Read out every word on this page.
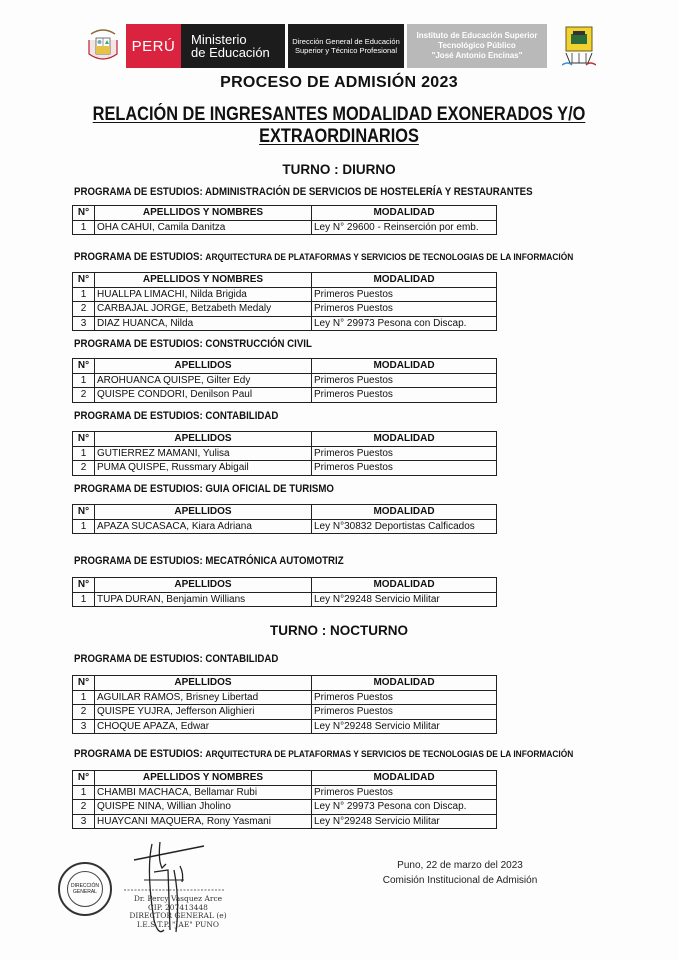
PERÚ	Ministerio
de Educación
Dirección General de Educación
Superior y Técnico Profesional
Instituto de Educación Superior
Tecnológico Público
"José Antonio Encinas"
PROCESO DE ADMISIÓN 2023
RELACIÓN DE INGRESANTES MODALIDAD EXONERADOS Y/O
EXTRAORDINARIOS
TURNO : DIURNO
PROGRAMA DE ESTUDIOS: ADMINISTRACIÓN DE SERVICIOS DE HOSTELERÍA Y RESTAURANTES
N°	APELLIDOS Y NOMBRES	MODALIDAD
1	OHA CAHUI, Camila Danitza	Ley N° 29600 - Reinserción por emb.
PROGRAMA DE ESTUDIOS: ARQUITECTURA DE PLATAFORMAS Y SERVICIOS DE TECNOLOGIAS DE LA INFORMACIÓN
N°	APELLIDOS Y NOMBRES	MODALIDAD
1	HUALLPA LIMACHI, Nilda Brigida	Primeros Puestos
2	CARBAJAL JORGE, Betzabeth Medaly	Primeros Puestos
3	DIAZ HUANCA, Nilda	Ley N° 29973 Pesona con Discap.
PROGRAMA DE ESTUDIOS: CONSTRUCCIÓN CIVIL
N°	APELLIDOS	MODALIDAD
1	AROHUANCA QUISPE, Gilter Edy	Primeros Puestos
2	QUISPE CONDORI, Denilson Paul	Primeros Puestos
PROGRAMA DE ESTUDIOS: CONTABILIDAD
N°	APELLIDOS	MODALIDAD
1	GUTIERREZ MAMANI, Yulisa	Primeros Puestos
2	PUMA QUISPE, Russmary Abigail	Primeros Puestos
PROGRAMA DE ESTUDIOS: GUIA OFICIAL DE TURISMO
N°	APELLIDOS	MODALIDAD
1	APAZA SUCASACA, Kiara Adriana	Ley N°30832 Deportistas Calficados
PROGRAMA DE ESTUDIOS: MECATRÓNICA AUTOMOTRIZ
N°	APELLIDOS	MODALIDAD
1	TUPA DURAN, Benjamin Willians	Ley N°29248 Servicio Militar
TURNO : NOCTURNO
PROGRAMA DE ESTUDIOS: CONTABILIDAD
N°	APELLIDOS	MODALIDAD
1	AGUILAR RAMOS, Brisney Libertad	Primeros Puestos
2	QUISPE YUJRA, Jefferson Alighieri	Primeros Puestos
3	CHOQUE APAZA, Edwar	Ley N°29248 Servicio Militar
PROGRAMA DE ESTUDIOS: ARQUITECTURA DE PLATAFORMAS Y SERVICIOS DE TECNOLOGIAS DE LA INFORMACIÓN
N°	APELLIDOS Y NOMBRES	MODALIDAD
1	CHAMBI MACHACA, Bellamar Rubi	Primeros Puestos
2	QUISPE NINA, Willian Jholino	Ley N° 29973 Pesona con Discap.
3	HUAYCANI MAQUERA, Rony Yasmani	Ley N°29248 Servicio Militar
DIRECCIÓN GENERAL
Dr. Percy Vasquez Arce
CIP. 207413448
DIRECTOR GENERAL (e)
I.E.S.T.P. "JAE" PUNO
Puno, 22 de marzo del 2023
Comisión Institucional de Admisión
